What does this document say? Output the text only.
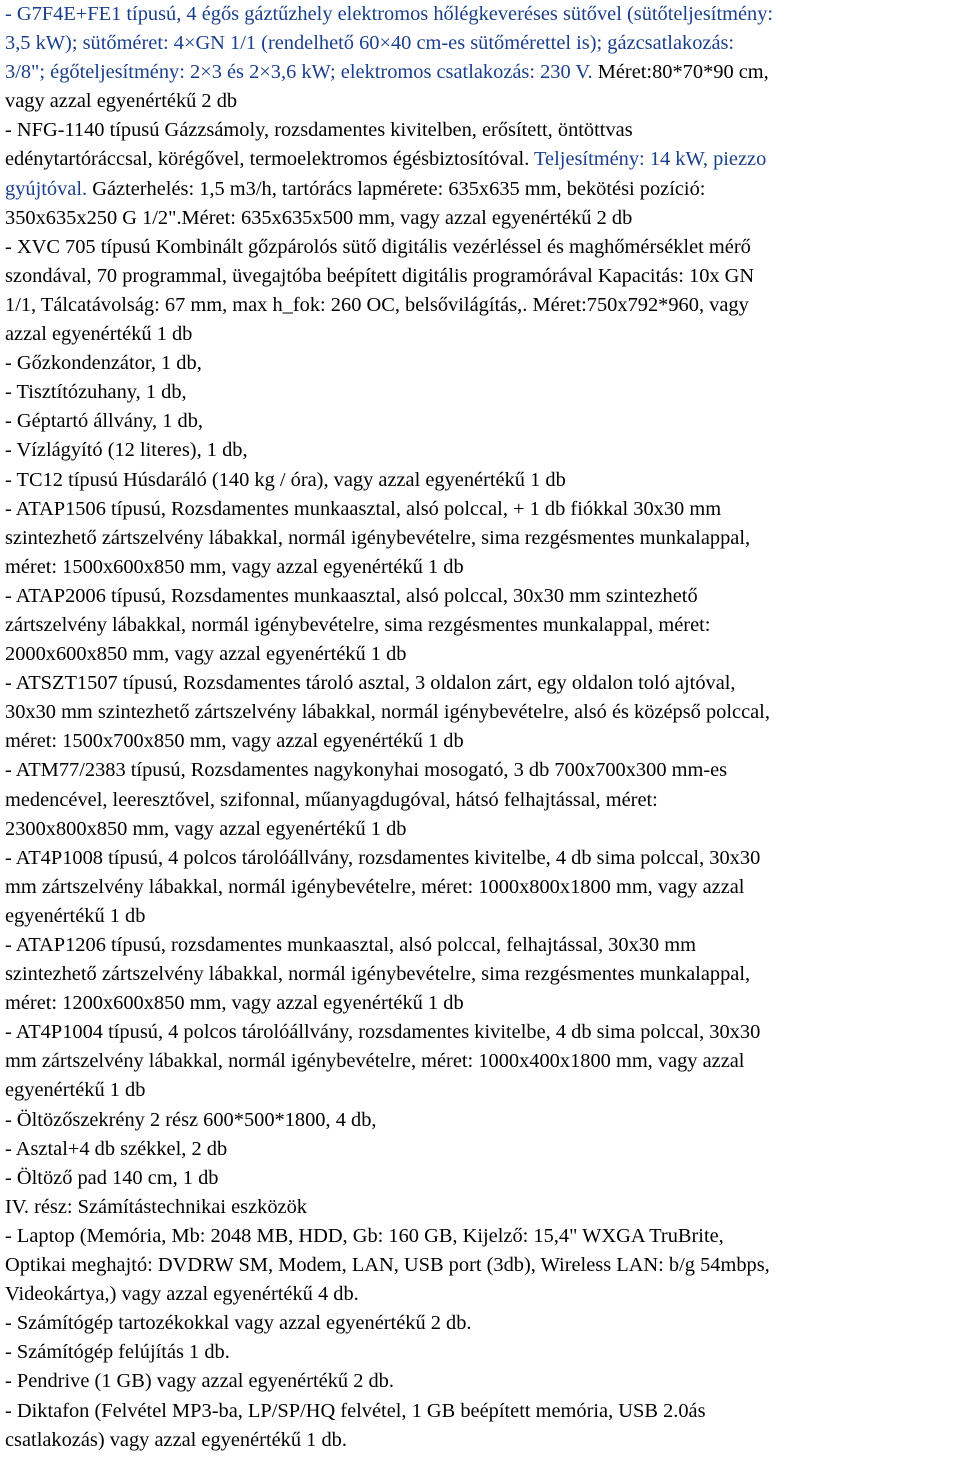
- G7F4E+FE1 típusú, 4 égős gáztűzhely elektromos hőlégkeveréses sütővel (sütőteljesítmény:
3,5 kW); sütőméret: 4×GN 1/1 (rendelhető 60×40 cm-es sütőmérettel is); gázcsatlakozás:
3/8"; égőteljesítmény: 2×3 és 2×3,6 kW; elektromos csatlakozás: 230 V. Méret:80*70*90 cm,
vagy azzal egyenértékű 2 db
- NFG-1140 típusú Gázzsámoly, rozsdamentes kivitelben, erősített, öntöttvas
edénytartóráccsal, körégővel, termoelektromos égésbiztosítóval. Teljesítmény: 14 kW, piezzo
gyújtóval. Gázterhelés: 1,5 m3/h, tartórács lapmérete: 635x635 mm, bekötési pozíció:
350x635x250 G 1/2".Méret: 635x635x500 mm, vagy azzal egyenértékű 2 db
- XVC 705 típusú Kombinált gőzpárolós sütő digitális vezérléssel és maghőmérséklet mérő
szondával, 70 programmal, üvegajtóba beépített digitális programórával Kapacitás: 10x GN
1/1, Tálcatávolság: 67 mm, max h_fok: 260 OC, belsővilágítás,. Méret:750x792*960, vagy
azzal egyenértékű 1 db
- Gőzkondenzátor, 1 db,
- Tisztítózuhany, 1 db,
- Géptartó állvány, 1 db,
- Vízlágyító (12 literes), 1 db,
- TC12 típusú Húsdaráló (140 kg / óra), vagy azzal egyenértékű 1 db
- ATAP1506 típusú, Rozsdamentes munkaasztal, alsó polccal, + 1 db fiókkal 30x30 mm
szintezhető zártszelvény lábakkal, normál igénybevételre, sima rezgésmentes munkalappal,
méret: 1500x600x850 mm, vagy azzal egyenértékű 1 db
- ATAP2006 típusú, Rozsdamentes munkaasztal, alsó polccal, 30x30 mm szintezhető
zártszelvény lábakkal, normál igénybevételre, sima rezgésmentes munkalappal, méret:
2000x600x850 mm, vagy azzal egyenértékű 1 db
- ATSZT1507 típusú, Rozsdamentes tároló asztal, 3 oldalon zárt, egy oldalon toló ajtóval,
30x30 mm szintezhető zártszelvény lábakkal, normál igénybevételre, alsó és középső polccal,
méret: 1500x700x850 mm, vagy azzal egyenértékű 1 db
- ATM77/2383 típusú, Rozsdamentes nagykonyhai mosogató, 3 db 700x700x300 mm-es
medencével, leeresztővel, szifonnal, műanyagdugóval, hátsó felhajtással, méret:
2300x800x850 mm, vagy azzal egyenértékű 1 db
- AT4P1008 típusú, 4 polcos tárolóállvány, rozsdamentes kivitelbe, 4 db sima polccal, 30x30
mm zártszelvény lábakkal, normál igénybevételre, méret: 1000x800x1800 mm, vagy azzal
egyenértékű 1 db
- ATAP1206 típusú, rozsdamentes munkaasztal, alsó polccal, felhajtással, 30x30 mm
szintezhető zártszelvény lábakkal, normál igénybevételre, sima rezgésmentes munkalappal,
méret: 1200x600x850 mm, vagy azzal egyenértékű 1 db
- AT4P1004 típusú, 4 polcos tárolóállvány, rozsdamentes kivitelbe, 4 db sima polccal, 30x30
mm zártszelvény lábakkal, normál igénybevételre, méret: 1000x400x1800 mm, vagy azzal
egyenértékű 1 db
- Öltözőszekrény 2 rész 600*500*1800, 4 db,
- Asztal+4 db székkel, 2 db
- Öltöző pad 140 cm, 1 db
IV. rész: Számítástechnikai eszközök
- Laptop (Memória, Mb: 2048 MB, HDD, Gb: 160 GB, Kijelző: 15,4" WXGA TruBrite,
Optikai meghajtó: DVDRW SM, Modem, LAN, USB port (3db), Wireless LAN: b/g 54mbps,
Videokártya,) vagy azzal egyenértékű 4 db.
- Számítógép tartozékokkal vagy azzal egyenértékű 2 db.
- Számítógép felújítás 1 db.
- Pendrive (1 GB) vagy azzal egyenértékű 2 db.
- Diktafon (Felvétel MP3-ba, LP/SP/HQ felvétel, 1 GB beépített memória, USB 2.0ás
csatlakozás) vagy azzal egyenértékű 1 db.
